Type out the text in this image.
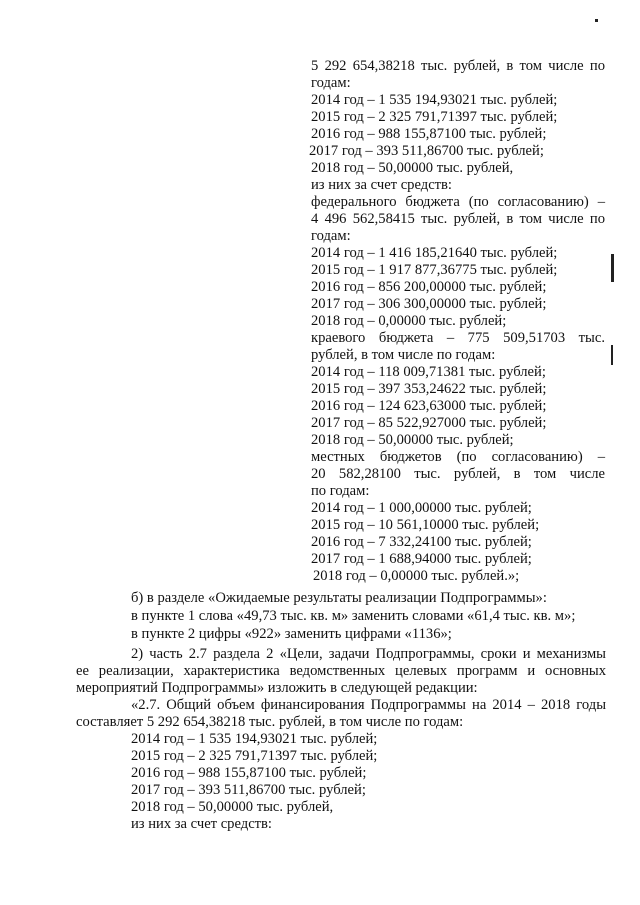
5 292 654,38218 тыс. рублей, в том числе по
годам:
2014 год – 1 535 194,93021 тыс. рублей;
2015 год – 2 325 791,71397 тыс. рублей;
2016 год – 988 155,87100 тыс. рублей;
2017 год – 393 511,86700 тыс. рублей;
2018 год – 50,00000 тыс. рублей,
из них за счет средств:
федерального бюджета (по согласованию) –
4 496 562,58415 тыс. рублей, в том числе по
годам:
2014 год – 1 416 185,21640 тыс. рублей;
2015 год – 1 917 877,36775 тыс. рублей;
2016 год – 856 200,00000 тыс. рублей;
2017 год – 306 300,00000 тыс. рублей;
2018 год – 0,00000 тыс. рублей;
краевого бюджета – 775 509,51703 тыс.
рублей, в том числе по годам:
2014 год – 118 009,71381 тыс. рублей;
2015 год – 397 353,24622 тыс. рублей;
2016 год – 124 623,63000 тыс. рублей;
2017 год – 85 522,927000 тыс. рублей;
2018 год – 50,00000 тыс. рублей;
местных бюджетов (по согласованию) –
20 582,28100 тыс. рублей, в том числе
по годам:
2014 год – 1 000,00000 тыс. рублей;
2015 год – 10 561,10000 тыс. рублей;
2016 год – 7 332,24100 тыс. рублей;
2017 год – 1 688,94000 тыс. рублей;
2018 год – 0,00000 тыс. рублей.»;
б) в разделе «Ожидаемые результаты реализации Подпрограммы»:
в пункте 1 слова «49,73 тыс. кв. м» заменить словами «61,4 тыс. кв. м»;
в пункте 2 цифры «922» заменить цифрами «1136»;
2) часть 2.7 раздела 2 «Цели, задачи Подпрограммы, сроки и механизмы
ее реализации, характеристика ведомственных целевых программ и основных
мероприятий Подпрограммы» изложить в следующей редакции:
«2.7. Общий объем финансирования Подпрограммы на 2014 – 2018 годы
составляет 5 292 654,38218 тыс. рублей, в том числе по годам:
2014 год – 1 535 194,93021 тыс. рублей;
2015 год – 2 325 791,71397 тыс. рублей;
2016 год – 988 155,87100 тыс. рублей;
2017 год – 393 511,86700 тыс. рублей;
2018 год – 50,00000 тыс. рублей,
из них за счет средств:
